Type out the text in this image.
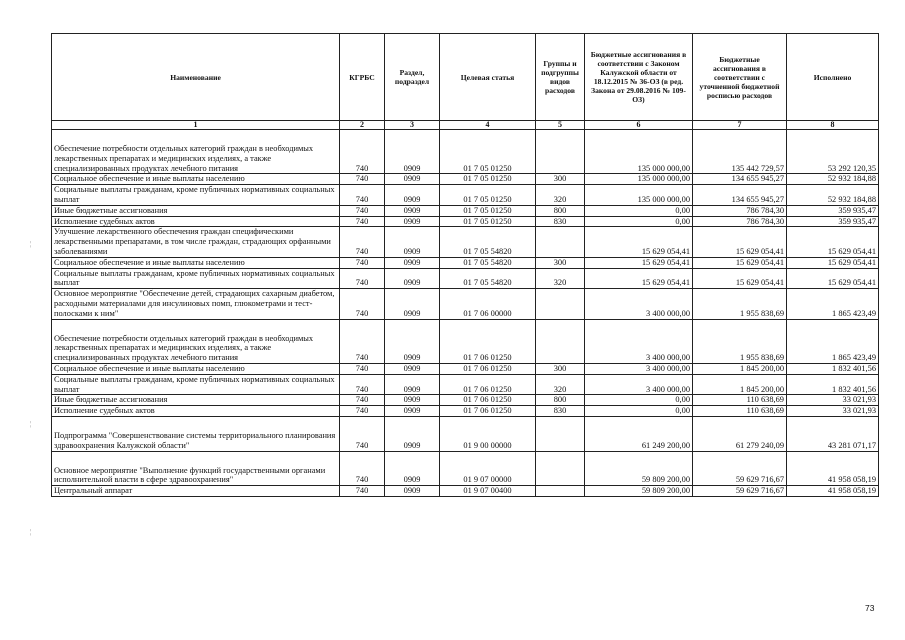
Наименование	КГРБС	Раздел, подраздел	Целевая статья	Группы и подгруппы видов расходов	Бюджетные ассигнования в соответствии с Законом Калужской области от 18.12.2015 № 36-ОЗ (в ред. Закона от 29.08.2016 № 109-ОЗ)	Бюджетные ассигнования в соответствии с уточненной бюджетной росписью расходов	Исполнено
1	2	3	4	5	6	7	8
Обеспечение потребности отдельных категорий граждан в необходимых лекарственных препаратах и медицинских изделиях, а также специализированных продуктах лечебного питания	740	0909	01 7 05 01250		135 000 000,00	135 442 729,57	53 292 120,35
Социальное обеспечение и иные выплаты населению	740	0909	01 7 05 01250	300	135 000 000,00	134 655 945,27	52 932 184,88
Социальные выплаты гражданам, кроме публичных нормативных социальных выплат	740	0909	01 7 05 01250	320	135 000 000,00	134 655 945,27	52 932 184,88
Иные бюджетные ассигнования	740	0909	01 7 05 01250	800	0,00	786 784,30	359 935,47
Исполнение судебных актов	740	0909	01 7 05 01250	830	0,00	786 784,30	359 935,47
Улучшение лекарственного обеспечения граждан специфическими лекарственными препаратами, в том числе граждан, страдающих орфанными заболеваниями	740	0909	01 7 05 54820		15 629 054,41	15 629 054,41	15 629 054,41
Социальное обеспечение и иные выплаты населению	740	0909	01 7 05 54820	300	15 629 054,41	15 629 054,41	15 629 054,41
Социальные выплаты гражданам, кроме публичных нормативных социальных выплат	740	0909	01 7 05 54820	320	15 629 054,41	15 629 054,41	15 629 054,41
Основное мероприятие "Обеспечение детей, страдающих сахарным диабетом, расходными материалами для инсулиновых помп, глюкометрами и тест-полосками к ним"	740	0909	01 7 06 00000		3 400 000,00	1 955 838,69	1 865 423,49
Обеспечение потребности отдельных категорий граждан в необходимых лекарственных препаратах и медицинских изделиях, а также специализированных продуктах лечебного питания	740	0909	01 7 06 01250		3 400 000,00	1 955 838,69	1 865 423,49
Социальное обеспечение и иные выплаты населению	740	0909	01 7 06 01250	300	3 400 000,00	1 845 200,00	1 832 401,56
Социальные выплаты гражданам, кроме публичных нормативных социальных выплат	740	0909	01 7 06 01250	320	3 400 000,00	1 845 200,00	1 832 401,56
Иные бюджетные ассигнования	740	0909	01 7 06 01250	800	0,00	110 638,69	33 021,93
Исполнение судебных актов	740	0909	01 7 06 01250	830	0,00	110 638,69	33 021,93
Подпрограмма "Совершенствование системы территориального планирования здравоохранения Калужской области"	740	0909	01 9 00 00000		61 249 200,00	61 279 240,09	43 281 071,17
Основное мероприятие "Выполнение функций государственными органами исполнительной власти в сфере здравоохранения"	740	0909	01 9 07 00000		59 809 200,00	59 629 716,67	41 958 058,19
Центральный аппарат	740	0909	01 9 07 00400		59 809 200,00	59 629 716,67	41 958 058,19
¦
¦
¦
73
